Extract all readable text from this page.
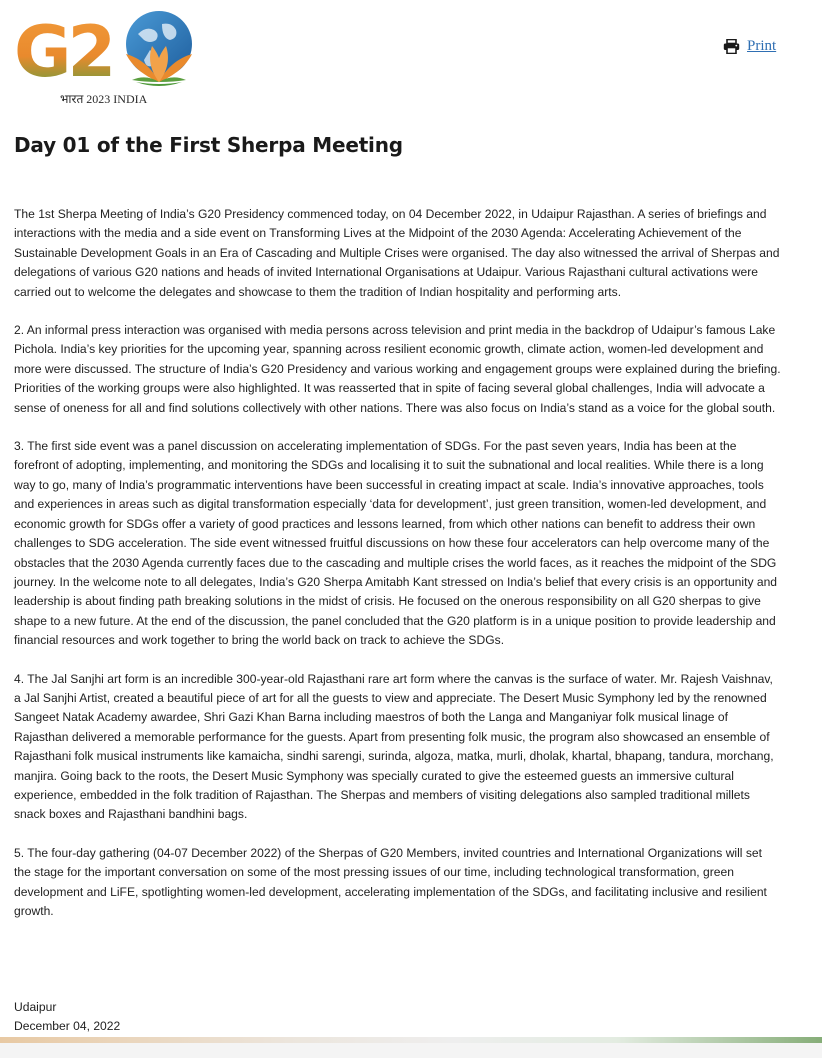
G2
भारत 2023 INDIA
Print
Day 01 of the First Sherpa Meeting

The 1st Sherpa Meeting of India’s G20 Presidency commenced today, on 04 December 2022, in Udaipur Rajasthan. A series of briefings and interactions with the media and a side event on Transforming Lives at the Midpoint of the 2030 Agenda: Accelerating Achievement of the Sustainable Development Goals in an Era of Cascading and Multiple Crises were organised. The day also witnessed the arrival of Sherpas and delegations of various G20 nations and heads of invited International Organisations at Udaipur. Various Rajasthani cultural activations were carried out to welcome the delegates and showcase to them the tradition of Indian hospitality and performing arts.

2. An informal press interaction was organised with media persons across television and print media in the backdrop of Udaipur’s famous Lake Pichola. India’s key priorities for the upcoming year, spanning across resilient economic growth, climate action, women-led development and more were discussed. The structure of India’s G20 Presidency and various working and engagement groups were explained during the briefing. Priorities of the working groups were also highlighted. It was reasserted that in spite of facing several global challenges, India will advocate a sense of oneness for all and find solutions collectively with other nations. There was also focus on India’s stand as a voice for the global south.

3. The first side event was a panel discussion on accelerating implementation of SDGs. For the past seven years, India has been at the forefront of adopting, implementing, and monitoring the SDGs and localising it to suit the subnational and local realities. While there is a long way to go, many of India’s programmatic interventions have been successful in creating impact at scale. India’s innovative approaches, tools and experiences in areas such as digital transformation especially ‘data for development’, just green transition, women-led development, and economic growth for SDGs offer a variety of good practices and lessons learned, from which other nations can benefit to address their own challenges to SDG acceleration. The side event witnessed fruitful discussions on how these four accelerators can help overcome many of the obstacles that the 2030 Agenda currently faces due to the cascading and multiple crises the world faces, as it reaches the midpoint of the SDG journey. In the welcome note to all delegates, India’s G20 Sherpa Amitabh Kant stressed on India’s belief that every crisis is an opportunity and leadership is about finding path breaking solutions in the midst of crisis. He focused on the onerous responsibility on all G20 sherpas to give shape to a new future. At the end of the discussion, the panel concluded that the G20 platform is in a unique position to provide leadership and financial resources and work together to bring the world back on track to achieve the SDGs.

4. The Jal Sanjhi art form is an incredible 300-year-old Rajasthani rare art form where the canvas is the surface of water. Mr. Rajesh Vaishnav, a Jal Sanjhi Artist, created a beautiful piece of art for all the guests to view and appreciate. The Desert Music Symphony led by the renowned Sangeet Natak Academy awardee, Shri Gazi Khan Barna including maestros of both the Langa and Manganiyar folk musical linage of Rajasthan delivered a memorable performance for the guests. Apart from presenting folk music, the program also showcased an ensemble of Rajasthani folk musical instruments like kamaicha, sindhi sarengi, surinda, algoza, matka, murli, dholak, khartal, bhapang, tandura, morchang, manjira. Going back to the roots, the Desert Music Symphony was specially curated to give the esteemed guests an immersive cultural experience, embedded in the folk tradition of Rajasthan. The Sherpas and members of visiting delegations also sampled traditional millets snack boxes and Rajasthani bandhini bags.

5. The four-day gathering (04-07 December 2022) of the Sherpas of G20 Members, invited countries and International Organizations will set the stage for the important conversation on some of the most pressing issues of our time, including technological transformation, green development and LiFE, spotlighting women-led development, accelerating implementation of the SDGs, and facilitating inclusive and resilient growth.

Udaipur
December 04, 2022
